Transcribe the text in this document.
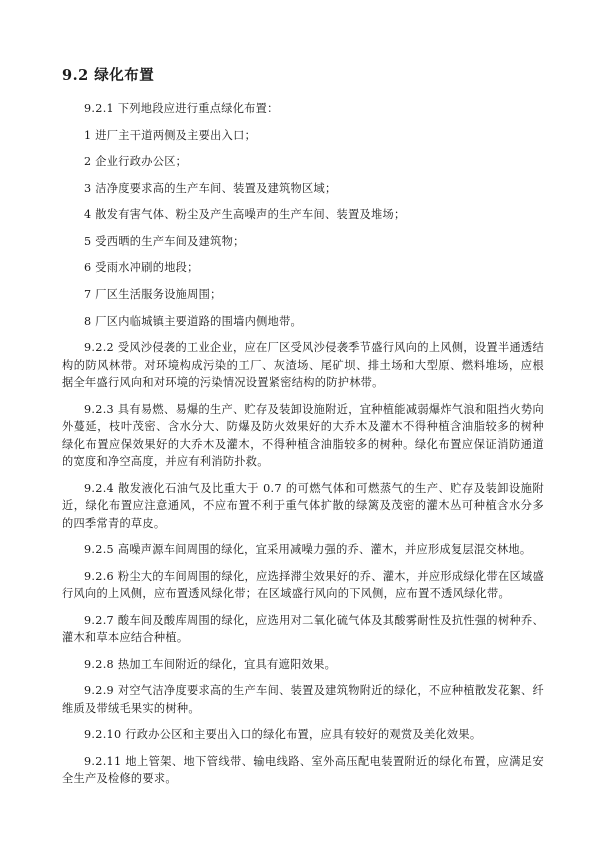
9.2 绿化布置

9.2.1 下列地段应进行重点绿化布置：

1 进厂主干道两侧及主要出入口；

2 企业行政办公区；

3 洁净度要求高的生产车间、装置及建筑物区域；

4 散发有害气体、粉尘及产生高噪声的生产车间、装置及堆场；

5 受西晒的生产车间及建筑物；

6 受雨水冲刷的地段；

7 厂区生活服务设施周围；

8 厂区内临城镇主要道路的围墙内侧地带。

9.2.2 受风沙侵袭的工业企业，应在厂区受风沙侵袭季节盛行风向的上风侧，设置半通透结构的防风林带。对环境构成污染的工厂、灰渣场、尾矿坝、排土场和大型原、燃料堆场，应根据全年盛行风向和对环境的污染情况设置紧密结构的防护林带。

9.2.3 具有易燃、易爆的生产、贮存及装卸设施附近，宜种植能减弱爆炸气浪和阻挡火势向外蔓延，枝叶茂密、含水分大、防爆及防火效果好的大乔木及灌木不得种植含油脂较多的树种绿化布置应保效果好的大乔木及灌木，不得种植含油脂较多的树种。绿化布置应保证消防通道的宽度和净空高度，并应有利消防扑救。

9.2.4 散发液化石油气及比重大于 0.7 的可燃气体和可燃蒸气的生产、贮存及装卸设施附近，绿化布置应注意通风，不应布置不利于重气体扩散的绿篱及茂密的灌木丛可种植含水分多的四季常青的草皮。

9.2.5 高噪声源车间周围的绿化，宜采用减噪力强的乔、灌木，并应形成复层混交林地。

9.2.6 粉尘大的车间周围的绿化，应选择滞尘效果好的乔、灌木，并应形成绿化带在区域盛行风向的上风侧，应布置透风绿化带；在区域盛行风向的下风侧，应布置不透风绿化带。

9.2.7 酸车间及酸库周围的绿化，应选用对二氧化硫气体及其酸雾耐性及抗性强的树种乔、灌木和草本应结合种植。

9.2.8 热加工车间附近的绿化，宜具有遮阳效果。

9.2.9 对空气洁净度要求高的生产车间、装置及建筑物附近的绿化，不应种植散发花絮、纤维质及带绒毛果实的树种。

9.2.10 行政办公区和主要出入口的绿化布置，应具有较好的观赏及美化效果。

9.2.11 地上管架、地下管线带、输电线路、室外高压配电装置附近的绿化布置，应满足安全生产及检修的要求。
